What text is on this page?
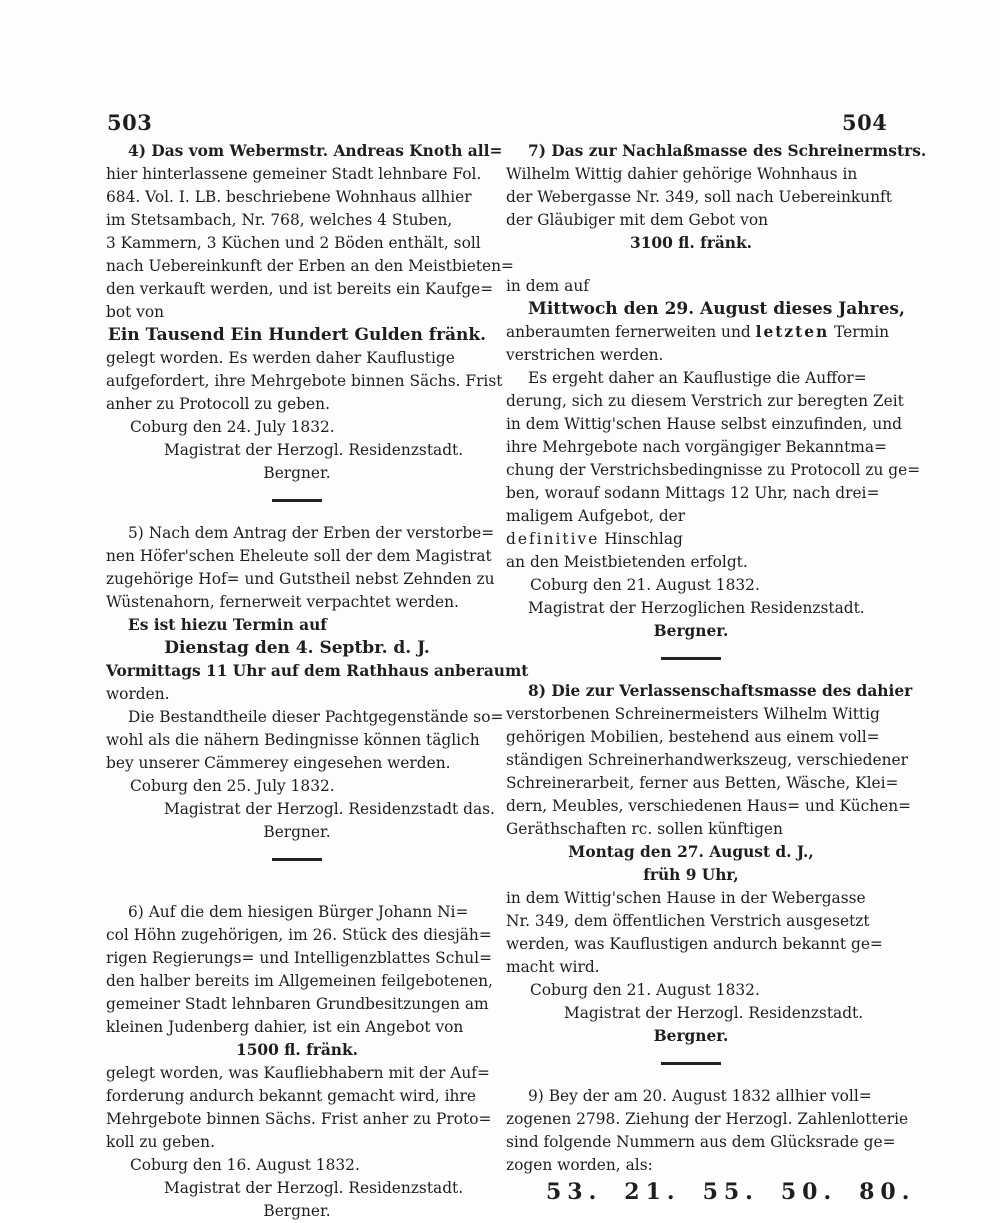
503	504
4) Das vom Webermstr. Andreas Knoth all=
hier hinterlassene gemeiner Stadt lehnbare Fol.
684. Vol. I. LB. beschriebene Wohnhaus allhier
im Stetsambach, Nr. 768, welches 4 Stuben,
3 Kammern, 3 Küchen und 2 Böden enthält, soll
nach Uebereinkunft der Erben an den Meistbieten=
den verkauft werden, und ist bereits ein Kaufge=
bot von
Ein Tausend Ein Hundert Gulden fränk.
gelegt worden. Es werden daher Kauflustige
aufgefordert, ihre Mehrgebote binnen Sächs. Frist
anher zu Protocoll zu geben.
Coburg den 24. July 1832.
Magistrat der Herzogl. Residenzstadt.
Bergner.
5) Nach dem Antrag der Erben der verstorbe=
nen Höfer'schen Eheleute soll der dem Magistrat
zugehörige Hof= und Gutstheil nebst Zehnden zu
Wüstenahorn, fernerweit verpachtet werden.
Es ist hiezu Termin auf
Dienstag den 4. Septbr. d. J.
Vormittags 11 Uhr auf dem Rathhaus anberaumt
worden.
Die Bestandtheile dieser Pachtgegenstände so=
wohl als die nähern Bedingnisse können täglich
bey unserer Cämmerey eingesehen werden.
Coburg den 25. July 1832.
Magistrat der Herzogl. Residenzstadt das.
Bergner.
6) Auf die dem hiesigen Bürger Johann Ni=
col Höhn zugehörigen, im 26. Stück des diesjäh=
rigen Regierungs= und Intelligenzblattes Schul=
den halber bereits im Allgemeinen feilgebotenen,
gemeiner Stadt lehnbaren Grundbesitzungen am
kleinen Judenberg dahier, ist ein Angebot von
1500 fl. fränk.
gelegt worden, was Kaufliebhabern mit der Auf=
forderung andurch bekannt gemacht wird, ihre
Mehrgebote binnen Sächs. Frist anher zu Proto=
koll zu geben.
Coburg den 16. August 1832.
Magistrat der Herzogl. Residenzstadt.
Bergner.
7) Das zur Nachlaßmasse des Schreinermstrs.
Wilhelm Wittig dahier gehörige Wohnhaus in
der Webergasse Nr. 349, soll nach Uebereinkunft
der Gläubiger mit dem Gebot von
3100 fl. fränk.
in dem auf
Mittwoch den 29. August dieses Jahres,
anberaumten fernerweiten und letzten Termin
verstrichen werden.
Es ergeht daher an Kauflustige die Auffor=
derung, sich zu diesem Verstrich zur beregten Zeit
in dem Wittig'schen Hause selbst einzufinden, und
ihre Mehrgebote nach vorgängiger Bekanntma=
chung der Verstrichsbedingnisse zu Protocoll zu ge=
ben, worauf sodann Mittags 12 Uhr, nach drei=
maligem Aufgebot, der
definitive Hinschlag
an den Meistbietenden erfolgt.
Coburg den 21. August 1832.
Magistrat der Herzoglichen Residenzstadt.
Bergner.
8) Die zur Verlassenschaftsmasse des dahier
verstorbenen Schreinermeisters Wilhelm Wittig
gehörigen Mobilien, bestehend aus einem voll=
ständigen Schreinerhandwerkszeug, verschiedener
Schreinerarbeit, ferner aus Betten, Wäsche, Klei=
dern, Meubles, verschiedenen Haus= und Küchen=
Geräthschaften rc. sollen künftigen
Montag den 27. August d. J.,
früh 9 Uhr,
in dem Wittig'schen Hause in der Webergasse
Nr. 349, dem öffentlichen Verstrich ausgesetzt
werden, was Kauflustigen andurch bekannt ge=
macht wird.
Coburg den 21. August 1832.
Magistrat der Herzogl. Residenzstadt.
Bergner.
9) Bey der am 20. August 1832 allhier voll=
zogenen 2798. Ziehung der Herzogl. Zahlenlotterie
sind folgende Nummern aus dem Glücksrade ge=
zogen worden, als:
53. 21. 55. 50. 80.
